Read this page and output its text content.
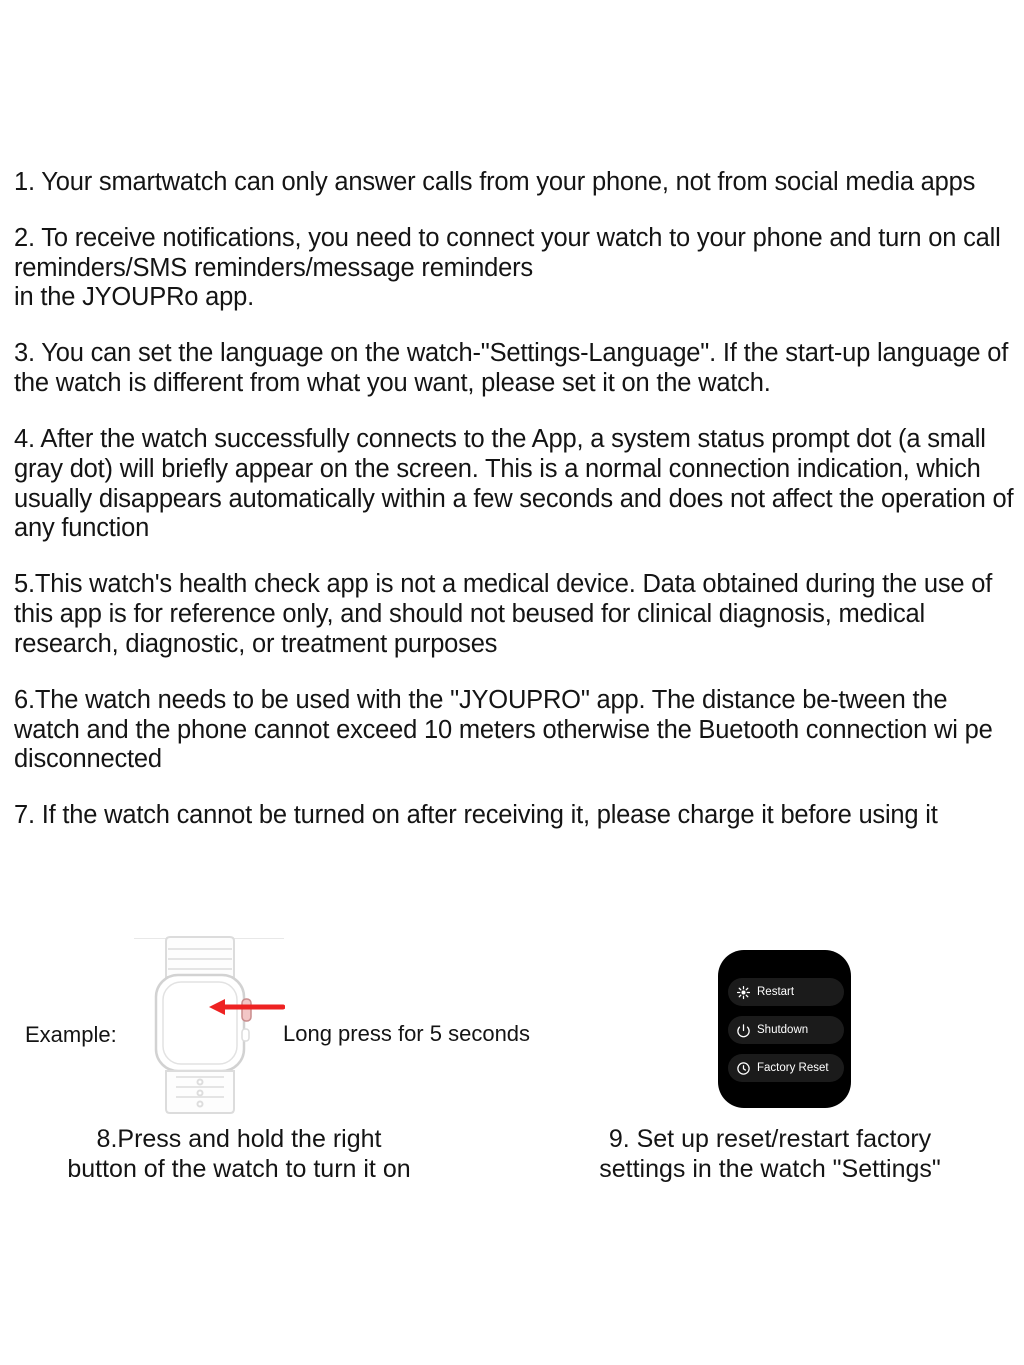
1. Your smartwatch can only answer calls from your phone, not from social media apps

2. To receive notifications, you need to connect your watch to your phone and turn on call reminders/SMS reminders/message reminders
in the JYOUPRo app.

3. You can set the language on the watch-"Settings-Language". If the start-up language of the watch is different from what you want, please set it on the watch.

4. After the watch successfully connects to the App, a system status prompt dot (a small gray dot) will briefly appear on the screen. This is a normal connection indication, which usually disappears automatically within a few seconds and does not affect the operation of any function

5.This watch's health check app is not a medical device. Data obtained during the use of this app is for reference only, and should not beused for clinical diagnosis, medical research, diagnostic, or treatment purposes

6.The watch needs to be used with the "JYOUPRO" app. The distance be-tween the watch and the phone cannot exceed 10 meters otherwise the Buetooth connection wi pe disconnected

7. If the watch cannot be turned on after receiving it, please charge it before using it

Example:	Long press for 5 seconds
Restart
Shutdown
Factory Reset
8.Press and hold the right
button of the watch to turn it on
9. Set up reset/restart factory
settings in the watch "Settings"
